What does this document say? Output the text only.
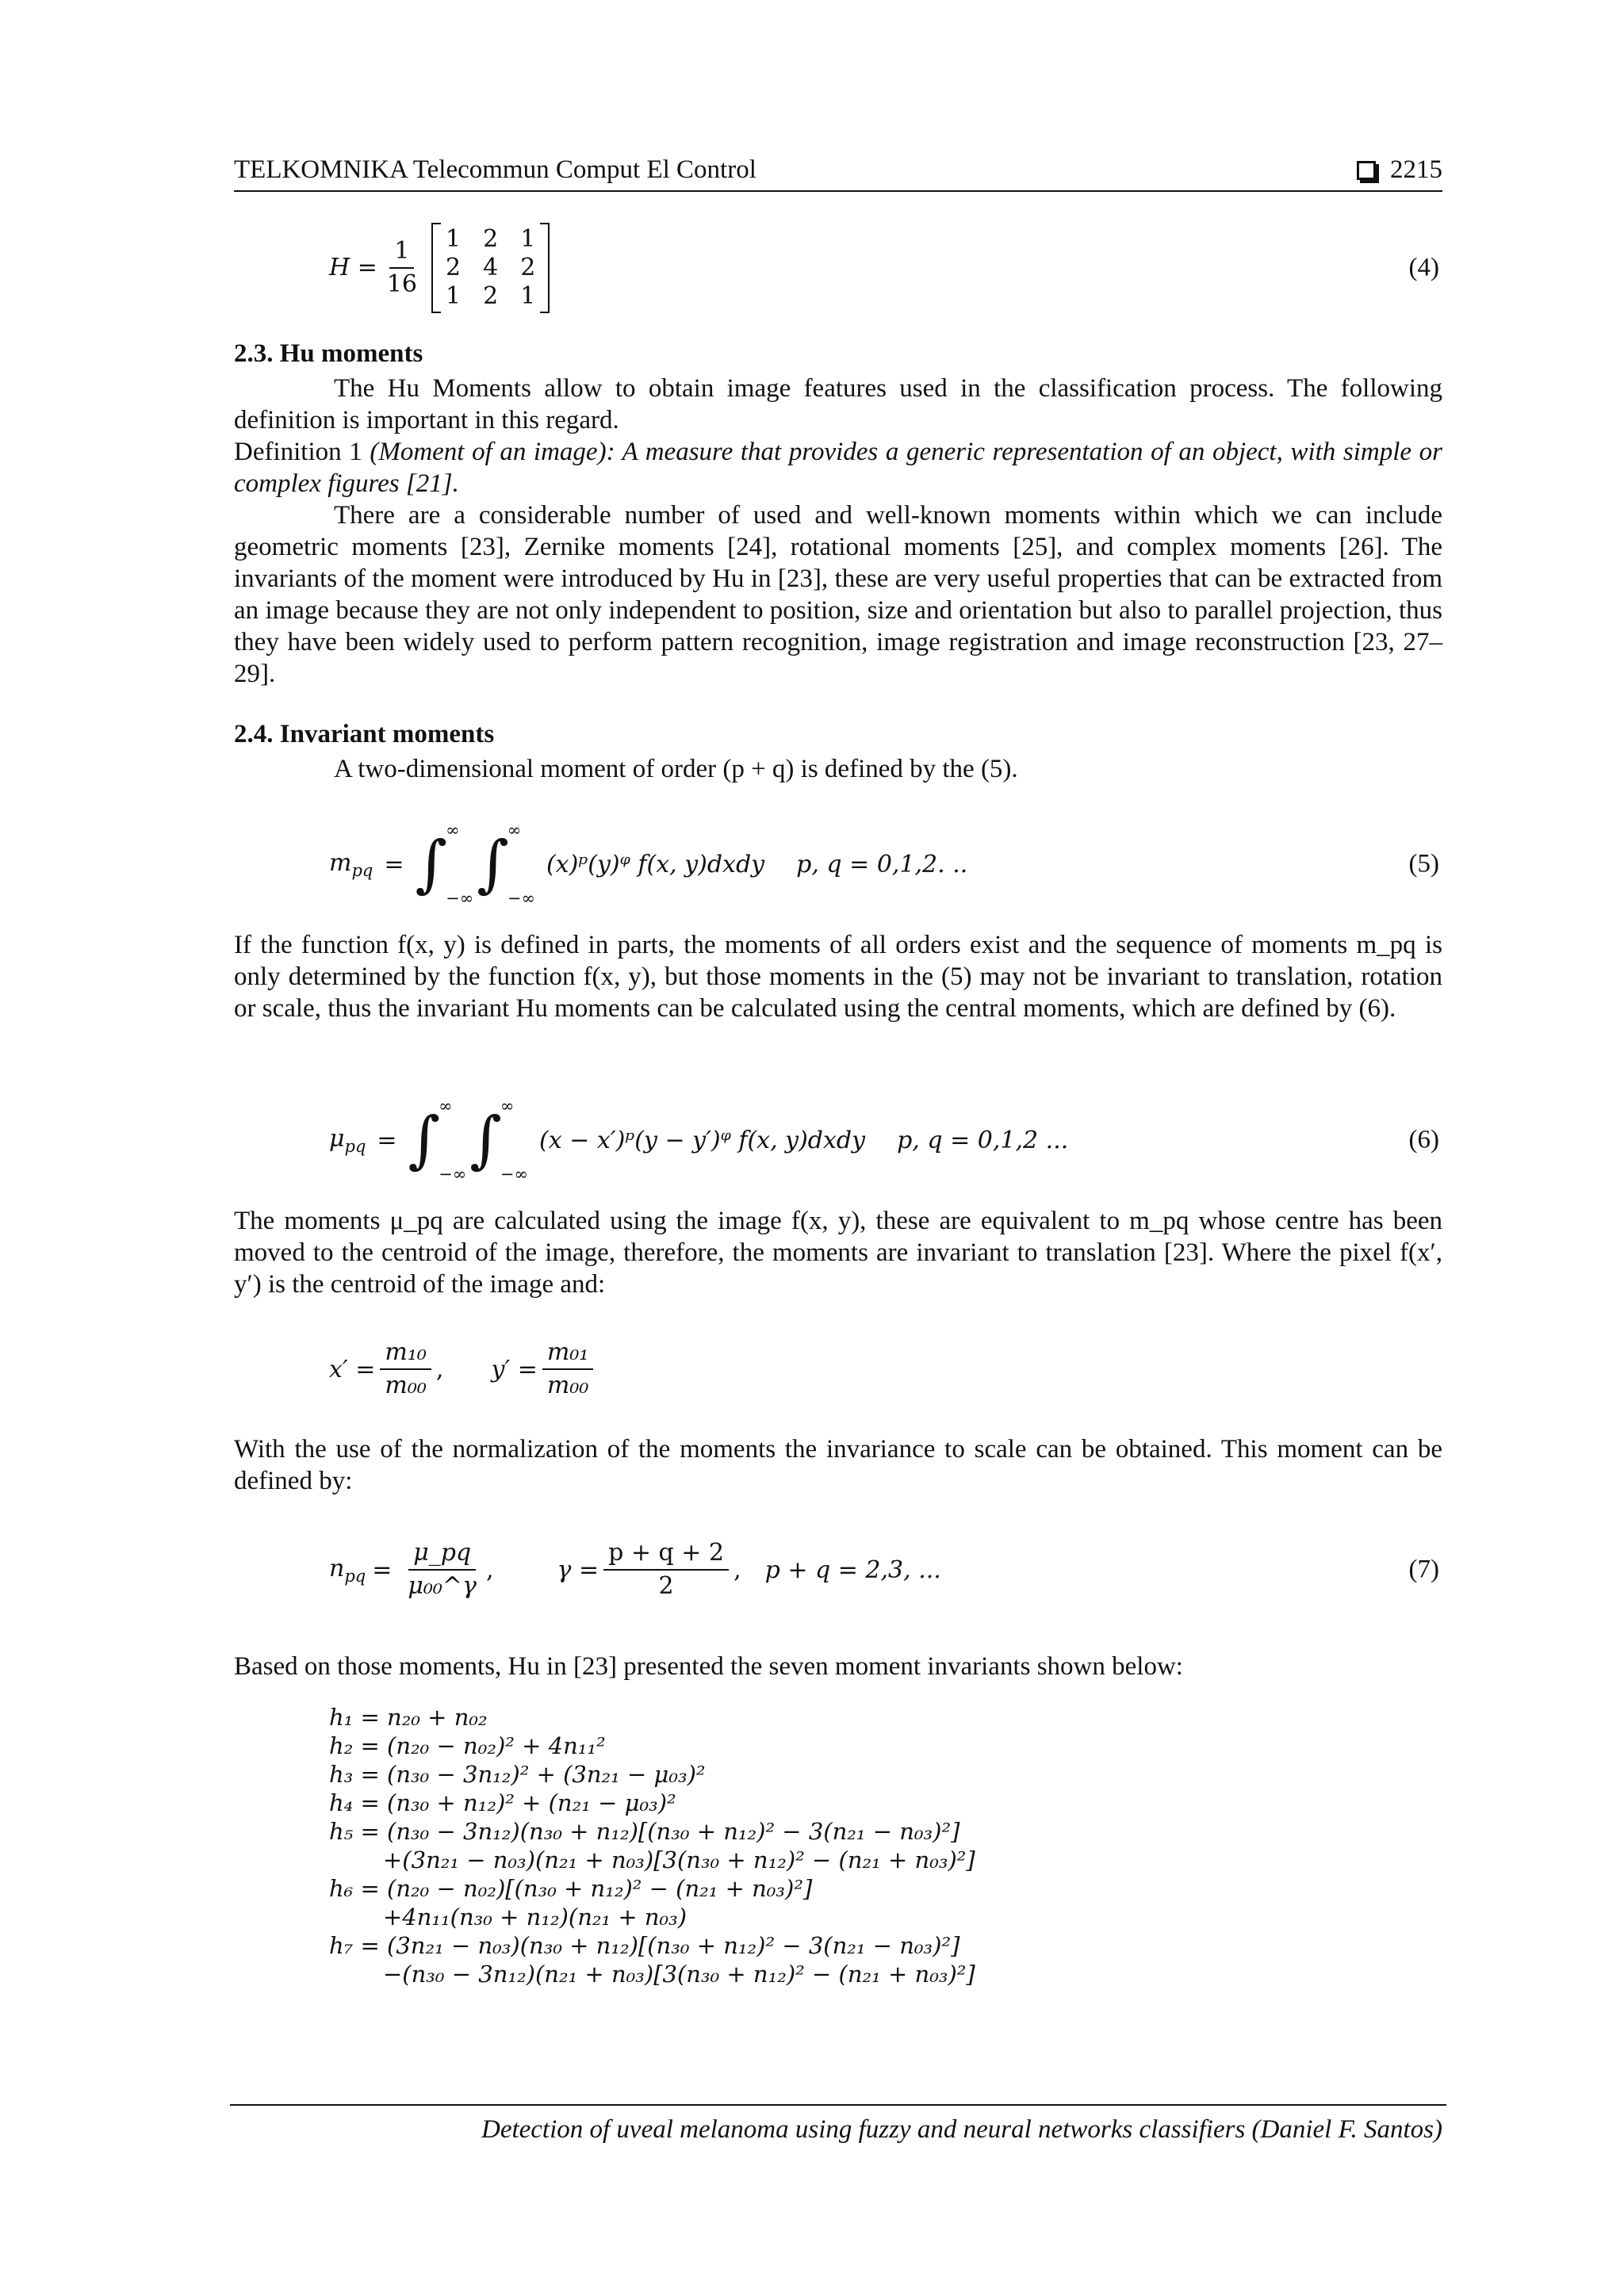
TELKOMNIKA Telecommun Comput El Control	2215
$H = \frac{1}{16} 1$ 2 1
2 4 2
1 2 1
(4)
2.3. Hu moments
The Hu Moments allow to obtain image features used in the classification process. The following definition is important in this regard.
Definition 1 (Moment of an image): A measure that provides a generic representation of an object, with simple or complex figures [21].
There are a considerable number of used and well-known moments within which we can include geometric moments [23], Zernike moments [24], rotational moments [25], and complex moments [26]. The invariants of the moment were introduced by Hu in [23], these are very useful properties that can be extracted from an image because they are not only independent to position, size and orientation but also to parallel projection, thus they have been widely used to perform pattern recognition, image registration and image reconstruction [23, 27–29].
2.4. Invariant moments
A two-dimensional moment of order (p + q) is defined by the (5).
$m_{pq}$ = ∫
∞
−∞ ∫
∞
−∞
(x)ᵖ(y)ᵠ f(x, y)dxdy p, q = 0,1,2. ..	(5)
If the function f(x, y) is defined in parts, the moments of all orders exist and the sequence of moments m_pq is only determined by the function f(x, y), but those moments in the (5) may not be invariant to translation, rotation or scale, thus the invariant Hu moments can be calculated using the central moments, which are defined by (6).
$\mu_{pq}$ = ∫
∞
−∞ ∫
∞
−∞
(x − x′)ᵖ(y − y′)ᵠ f(x, y)dxdy p, q = 0,1,2 ...	(6)
The moments μ_pq are calculated using the image f(x, y), these are equivalent to m_pq whose centre has been moved to the centroid of the image, therefore, the moments are invariant to translation [23]. Where the pixel f(x′, y′) is the centroid of the image and:
$x' = \frac{\text{m₁₀}}{\text{m₀₀}}$ , $y' = \frac{\text{m₀₁}}{\text{m₀₀}}$
With the use of the normalization of the moments the invariance to scale can be obtained. This moment can be defined by:
$n_{pq} = \frac{\mu\_pq}{\text{μ₀₀\textasciicircum{}γ}}$ ,	$\gamma = \frac{p + q + 2}{2}$ , p + q = 2,3, ...	(7)
Based on those moments, Hu in [23] presented the seven moment invariants shown below:
h₁ = n₂₀ + n₀₂
h₂ = (n₂₀ − n₀₂)² + 4n₁₁²
h₃ = (n₃₀ − 3n₁₂)² + (3n₂₁ − μ₀₃)²
h₄ = (n₃₀ + n₁₂)² + (n₂₁ − μ₀₃)²
h₅ = (n₃₀ − 3n₁₂)(n₃₀ + n₁₂)[(n₃₀ + n₁₂)² − 3(n₂₁ − n₀₃)²]
+(3n₂₁ − n₀₃)(n₂₁ + n₀₃)[3(n₃₀ + n₁₂)² − (n₂₁ + n₀₃)²]
h₆ = (n₂₀ − n₀₂)[(n₃₀ + n₁₂)² − (n₂₁ + n₀₃)²]
+4n₁₁(n₃₀ + n₁₂)(n₂₁ + n₀₃)
h₇ = (3n₂₁ − n₀₃)(n₃₀ + n₁₂)[(n₃₀ + n₁₂)² − 3(n₂₁ − n₀₃)²]
−(n₃₀ − 3n₁₂)(n₂₁ + n₀₃)[3(n₃₀ + n₁₂)² − (n₂₁ + n₀₃)²]
Detection of uveal melanoma using fuzzy and neural networks classifiers (Daniel F. Santos)
